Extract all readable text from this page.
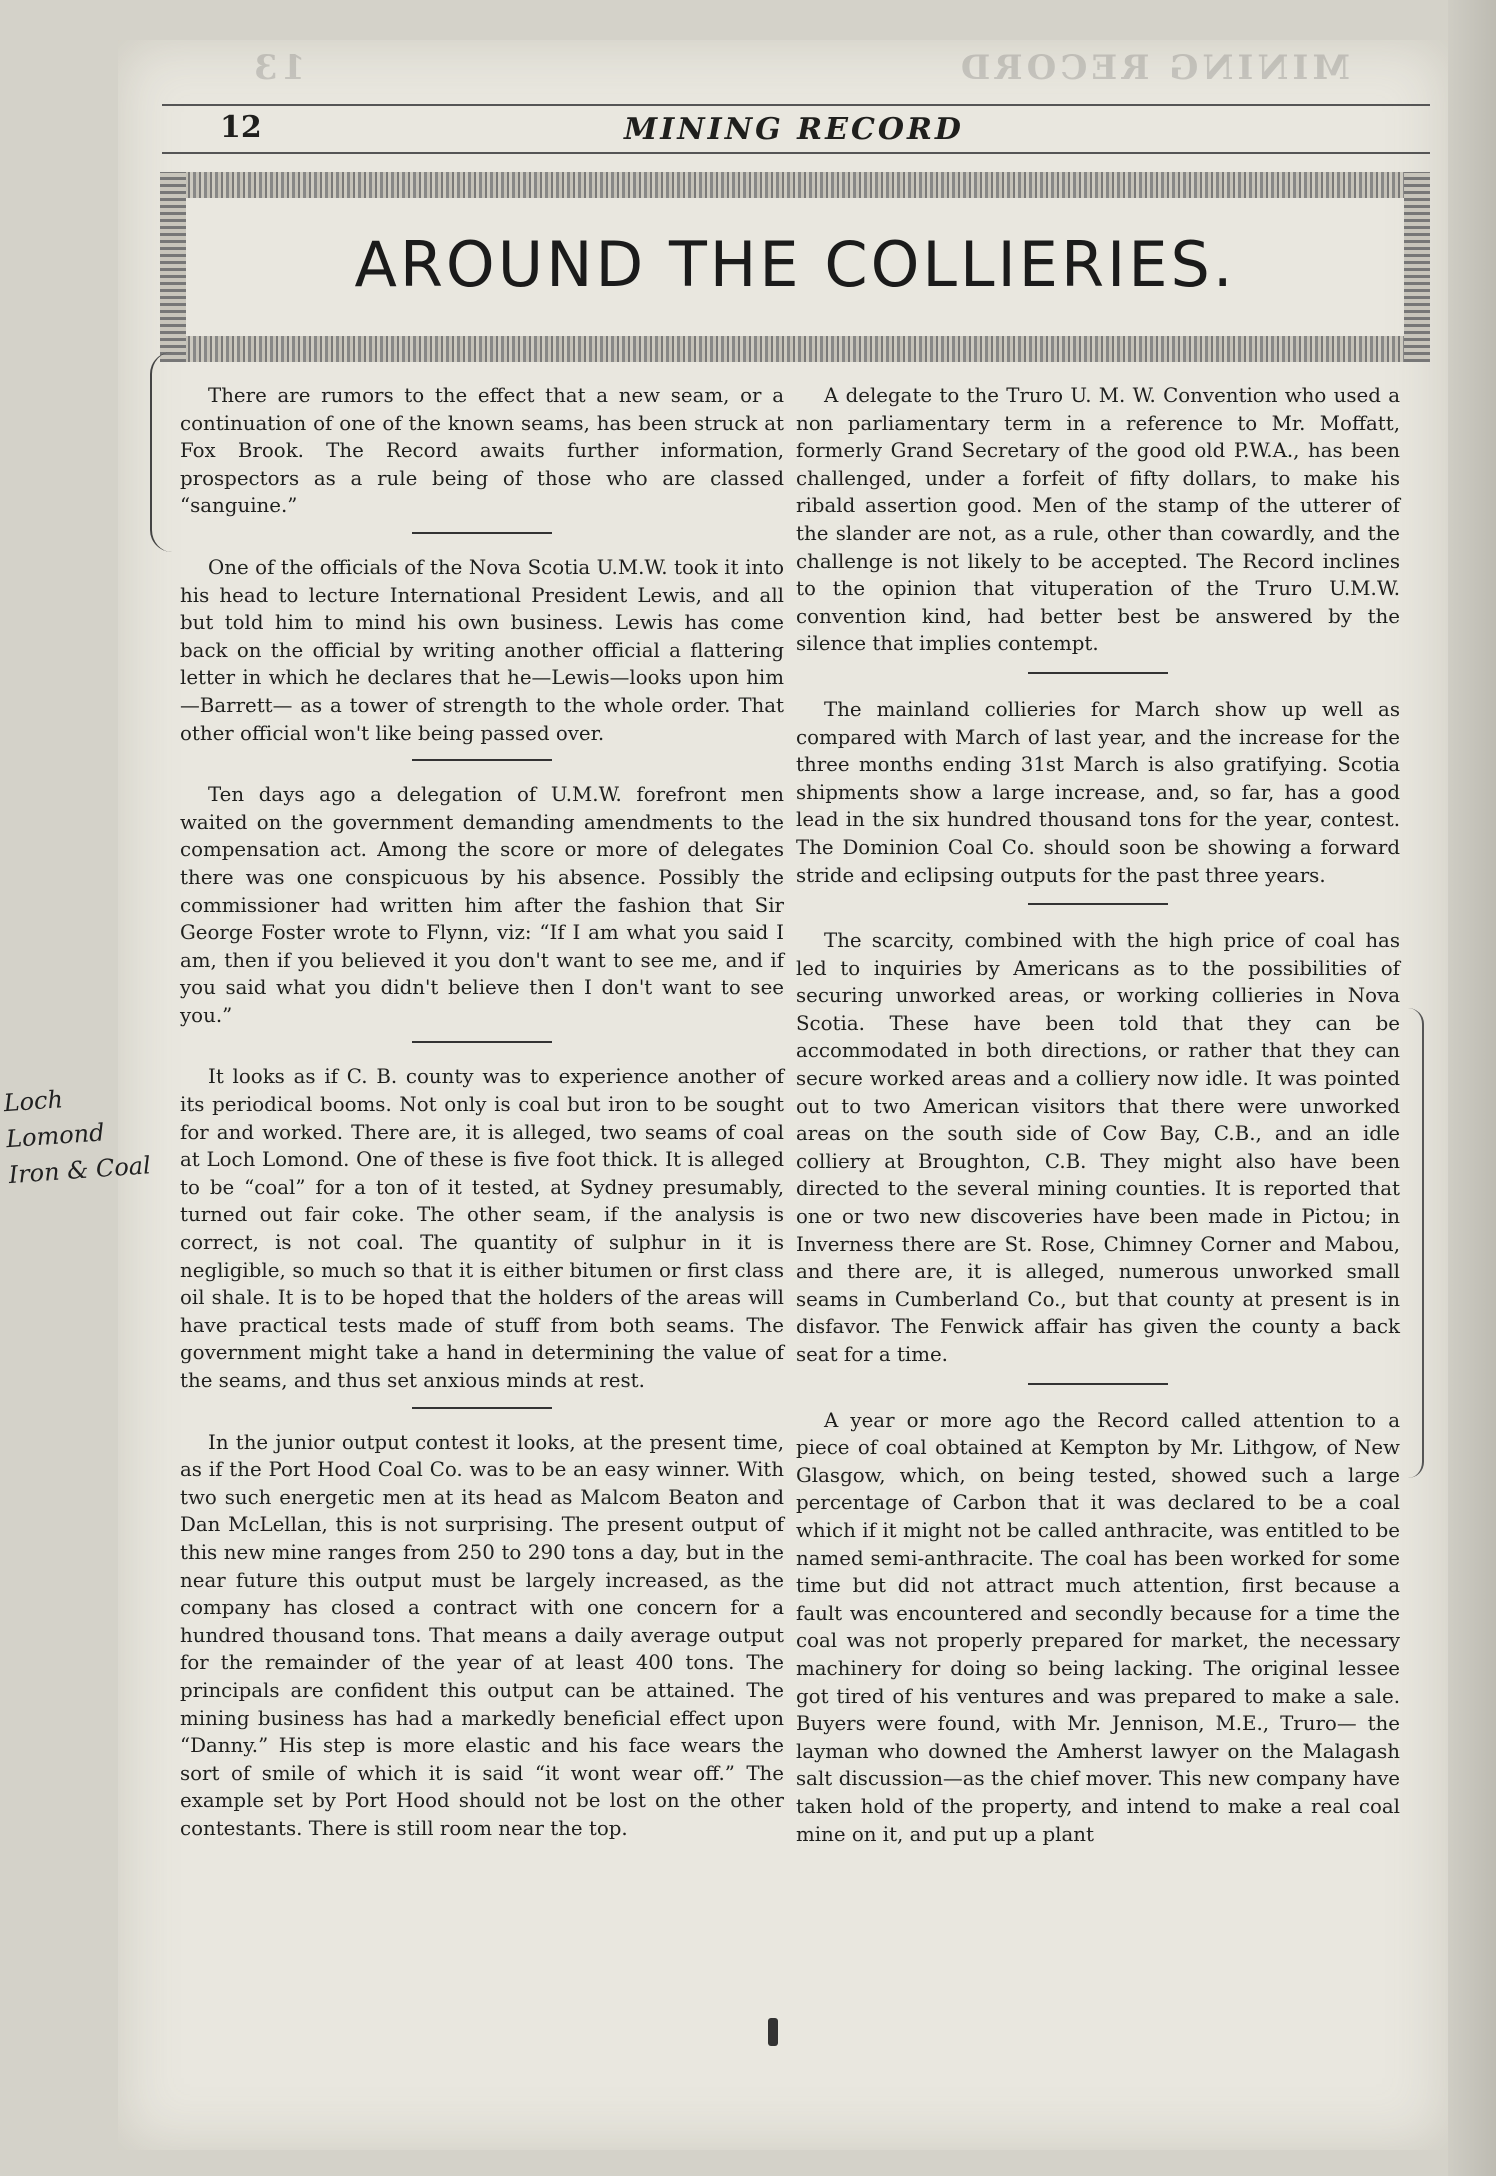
MINING RECORD
13
12	MINING RECORD
AROUND THE COLLIERIES.
Loch Lomond Iron & Coal

There are rumors to the effect that a new seam, or a continuation of one of the known seams, has been struck at Fox Brook. The Record awaits further information, prospectors as a rule being of those who are classed “sanguine.”

One of the officials of the Nova Scotia U.M.W. took it into his head to lecture International President Lewis, and all but told him to mind his own business. Lewis has come back on the official by writing another official a flattering letter in which he declares that he—Lewis—looks upon him—Barrett— as a tower of strength to the whole order. That other official won't like being passed over.

Ten days ago a delegation of U.M.W. forefront men waited on the government demanding amendments to the compensation act. Among the score or more of delegates there was one conspicuous by his absence. Possibly the commissioner had written him after the fashion that Sir George Foster wrote to Flynn, viz: “If I am what you said I am, then if you believed it you don't want to see me, and if you said what you didn't believe then I don't want to see you.”

It looks as if C. B. county was to experience another of its periodical booms. Not only is coal but iron to be sought for and worked. There are, it is alleged, two seams of coal at Loch Lomond. One of these is five foot thick. It is alleged to be “coal” for a ton of it tested, at Sydney presumably, turned out fair coke. The other seam, if the analysis is correct, is not coal. The quantity of sulphur in it is negligible, so much so that it is either bitumen or first class oil shale. It is to be hoped that the holders of the areas will have practical tests made of stuff from both seams. The government might take a hand in determining the value of the seams, and thus set anxious minds at rest.

In the junior output contest it looks, at the present time, as if the Port Hood Coal Co. was to be an easy winner. With two such energetic men at its head as Malcom Beaton and Dan McLellan, this is not surprising. The present output of this new mine ranges from 250 to 290 tons a day, but in the near future this output must be largely increased, as the company has closed a contract with one concern for a hundred thousand tons. That means a daily average output for the remainder of the year of at least 400 tons. The principals are confident this output can be attained. The mining business has had a markedly beneficial effect upon “Danny.” His step is more elastic and his face wears the sort of smile of which it is said “it wont wear off.” The example set by Port Hood should not be lost on the other contestants. There is still room near the top.

A delegate to the Truro U. M. W. Convention who used a non parliamentary term in a reference to Mr. Moffatt, formerly Grand Secretary of the good old P.W.A., has been challenged, under a forfeit of fifty dollars, to make his ribald assertion good. Men of the stamp of the utterer of the slander are not, as a rule, other than cowardly, and the challenge is not likely to be accepted. The Record inclines to the opinion that vituperation of the Truro U.M.W. convention kind, had better best be answered by the silence that implies contempt.

The mainland collieries for March show up well as compared with March of last year, and the increase for the three months ending 31st March is also gratifying. Scotia shipments show a large increase, and, so far, has a good lead in the six hundred thousand tons for the year, contest. The Dominion Coal Co. should soon be showing a forward stride and eclipsing outputs for the past three years.

The scarcity, combined with the high price of coal has led to inquiries by Americans as to the possibilities of securing unworked areas, or working collieries in Nova Scotia. These have been told that they can be accommodated in both directions, or rather that they can secure worked areas and a colliery now idle. It was pointed out to two American visitors that there were unworked areas on the south side of Cow Bay, C.B., and an idle colliery at Broughton, C.B. They might also have been directed to the several mining counties. It is reported that one or two new discoveries have been made in Pictou; in Inverness there are St. Rose, Chimney Corner and Mabou, and there are, it is alleged, numerous unworked small seams in Cumberland Co., but that county at present is in disfavor. The Fenwick affair has given the county a back seat for a time.

A year or more ago the Record called attention to a piece of coal obtained at Kempton by Mr. Lithgow, of New Glasgow, which, on being tested, showed such a large percentage of Carbon that it was declared to be a coal which if it might not be called anthracite, was entitled to be named semi-anthracite. The coal has been worked for some time but did not attract much attention, first because a fault was encountered and secondly because for a time the coal was not properly prepared for market, the necessary machinery for doing so being lacking. The original lessee got tired of his ventures and was prepared to make a sale. Buyers were found, with Mr. Jennison, M.E., Truro— the layman who downed the Amherst lawyer on the Malagash salt discussion—as the chief mover. This new company have taken hold of the property, and intend to make a real coal mine on it, and put up a plant
